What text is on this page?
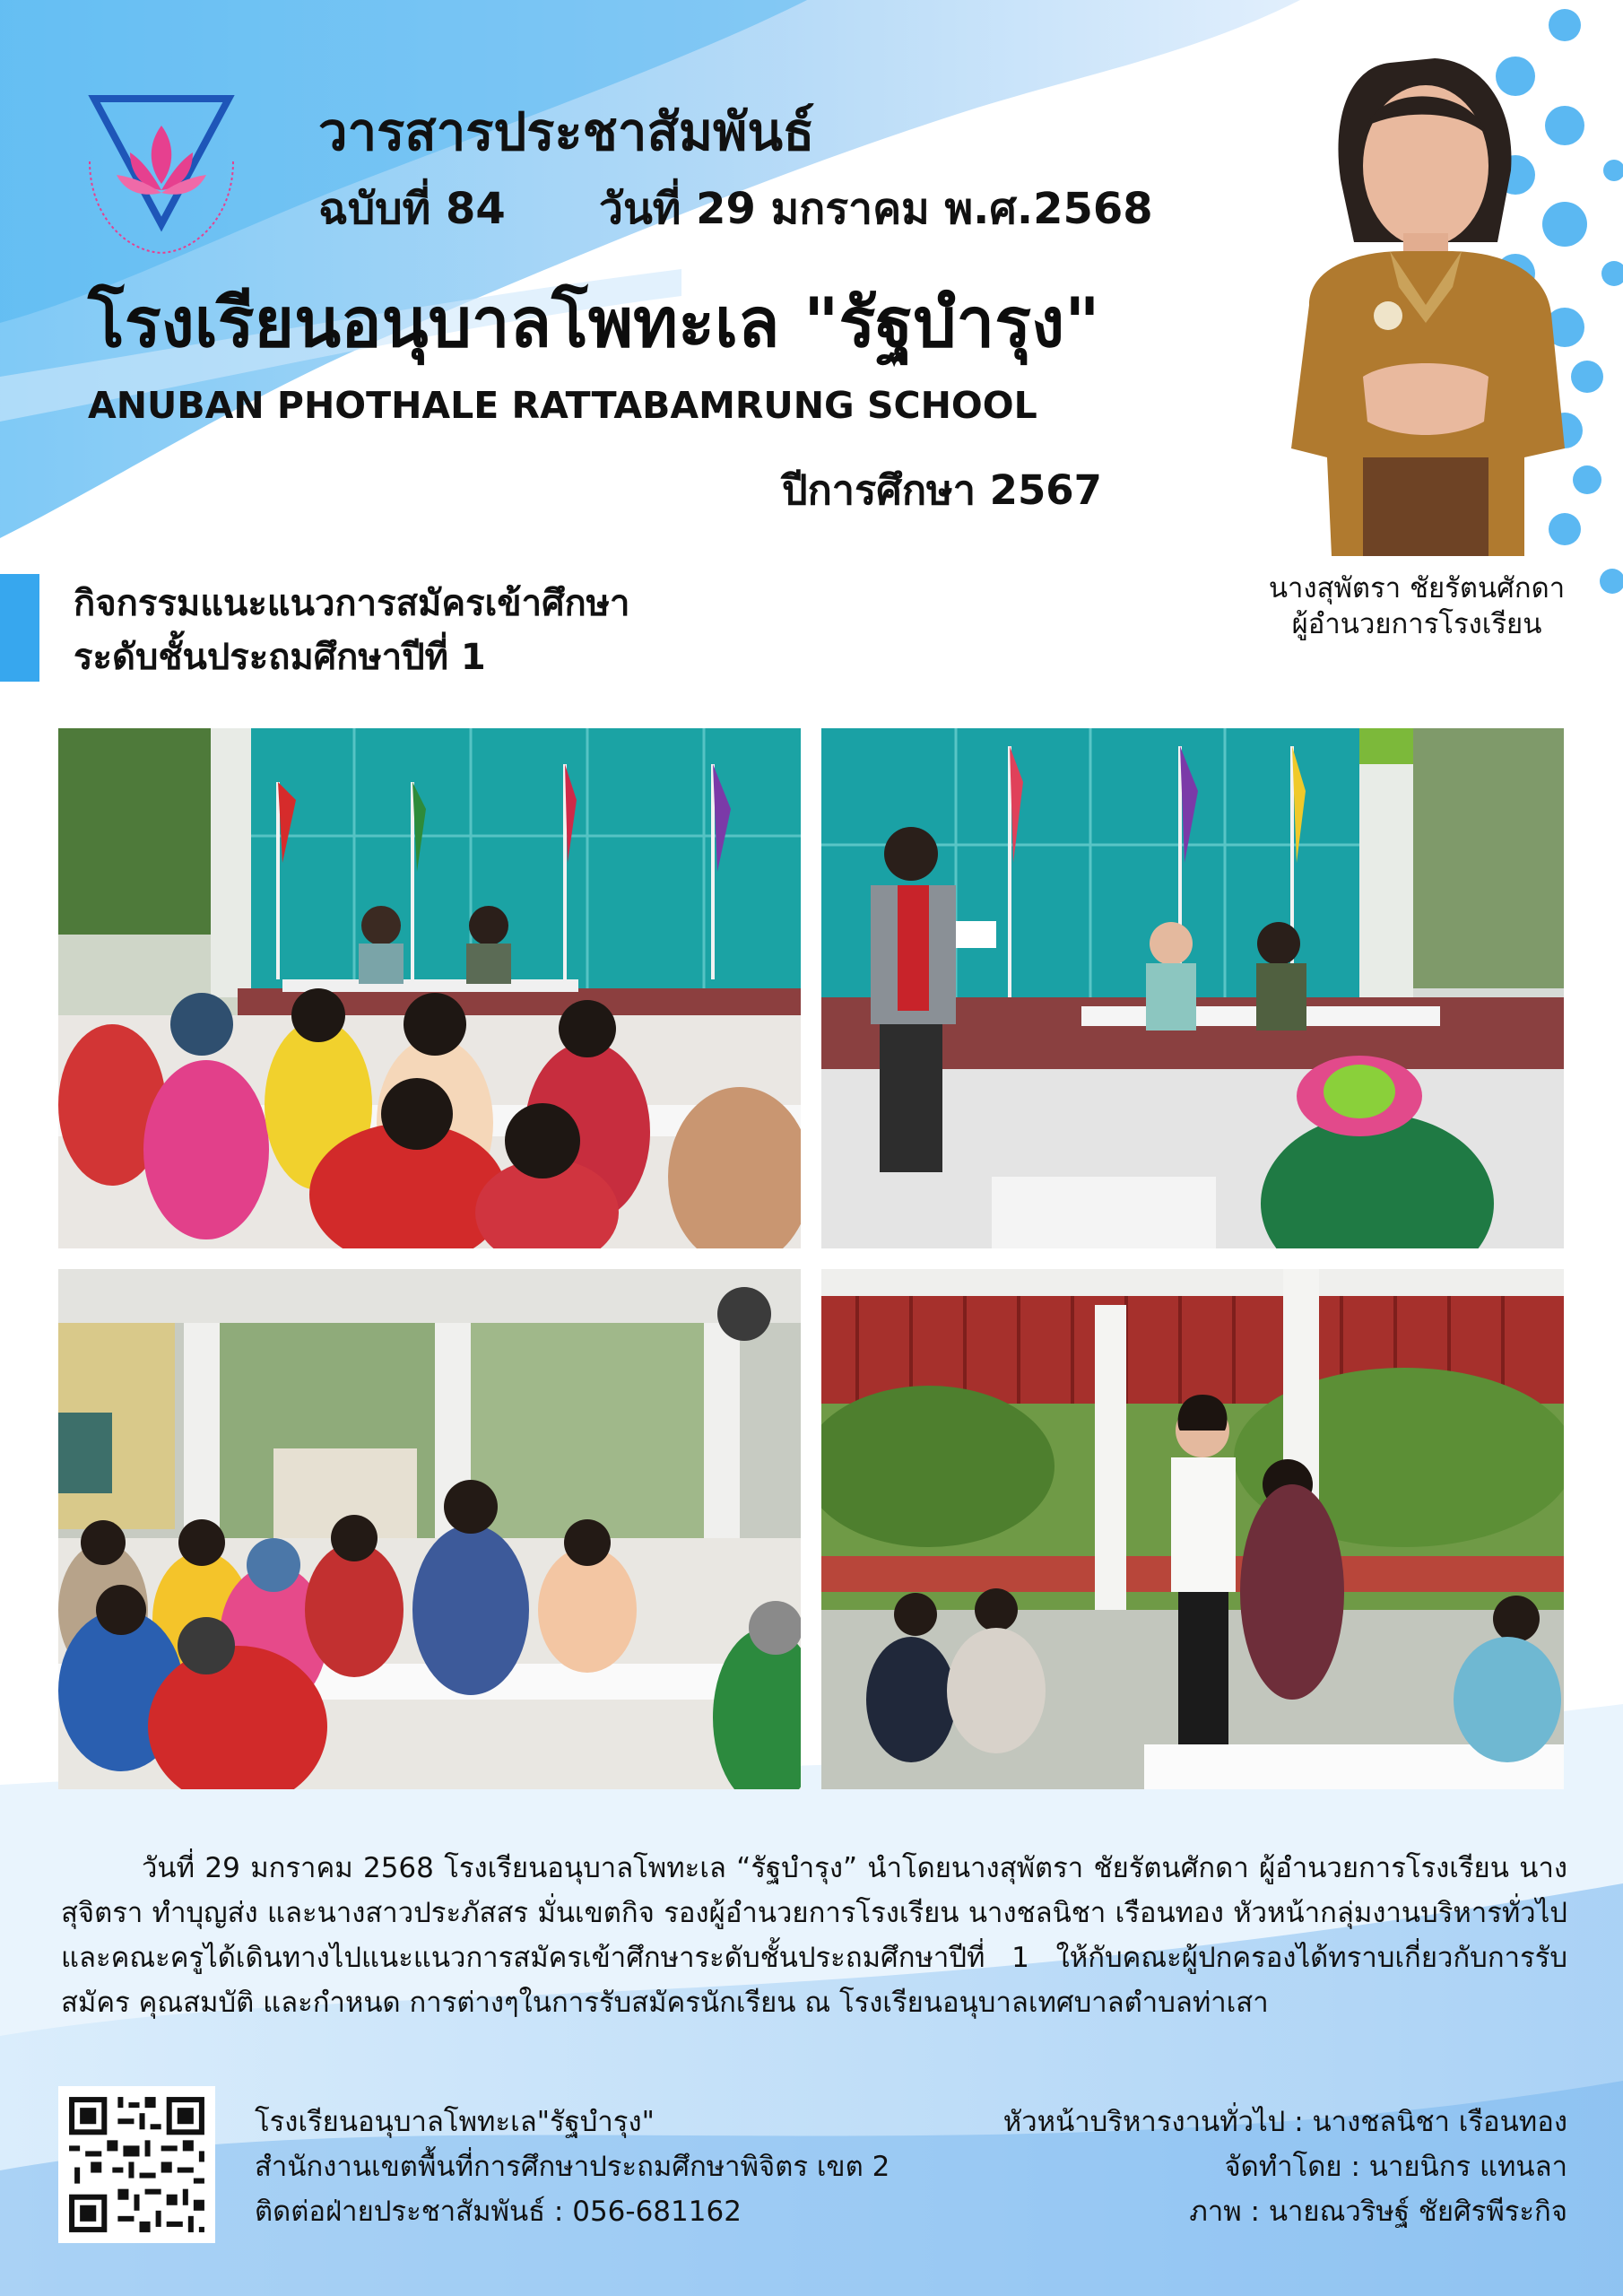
วารสารประชาสัมพันธ์
ฉบับที่ 84 วันที่ 29 มกราคม พ.ศ.2568
โรงเรียนอนุบาลโพทะเล "รัฐบำรุง"
ANUBAN PHOTHALE RATTABAMRUNG SCHOOL
ปีการศึกษา 2567
นางสุพัตรา ชัยรัตนศักดา
ผู้อำนวยการโรงเรียน
กิจกรรมแนะแนวการสมัครเข้าศึกษา
ระดับชั้นประถมศึกษาปีที่ 1
วันที่ 29 มกราคม 2568 โรงเรียนอนุบาลโพทะเล “รัฐบำรุง” นำโดยนางสุพัตรา ชัยรัตนศักดา ผู้อำนวยการโรงเรียน นางสุจิตรา ทำบุญส่ง และนางสาวประภัสสร มั่นเขตกิจ รองผู้อำนวยการโรงเรียน นางชลนิชา เรือนทอง หัวหน้ากลุ่มงานบริหารทั่วไป และคณะครูได้เดินทางไปแนะแนวการสมัครเข้าศึกษาระดับชั้นประถมศึกษาปีที่ 1 ให้กับคณะผู้ปกครองได้ทราบเกี่ยวกับการรับสมัคร คุณสมบัติ และกำหนด การต่างๆในการรับสมัครนักเรียน ณ โรงเรียนอนุบาลเทศบาลตำบลท่าเสา
โรงเรียนอนุบาลโพทะเล"รัฐบำรุง"
สำนักงานเขตพื้นที่การศึกษาประถมศึกษาพิจิตร เขต 2
ติดต่อฝ่ายประชาสัมพันธ์ : 056-681162
หัวหน้าบริหารงานทั่วไป : นางชลนิชา เรือนทอง
จัดทำโดย : นายนิกร แทนลา
ภาพ : นายณวริษฐ์ ชัยศิรพีระกิจ
